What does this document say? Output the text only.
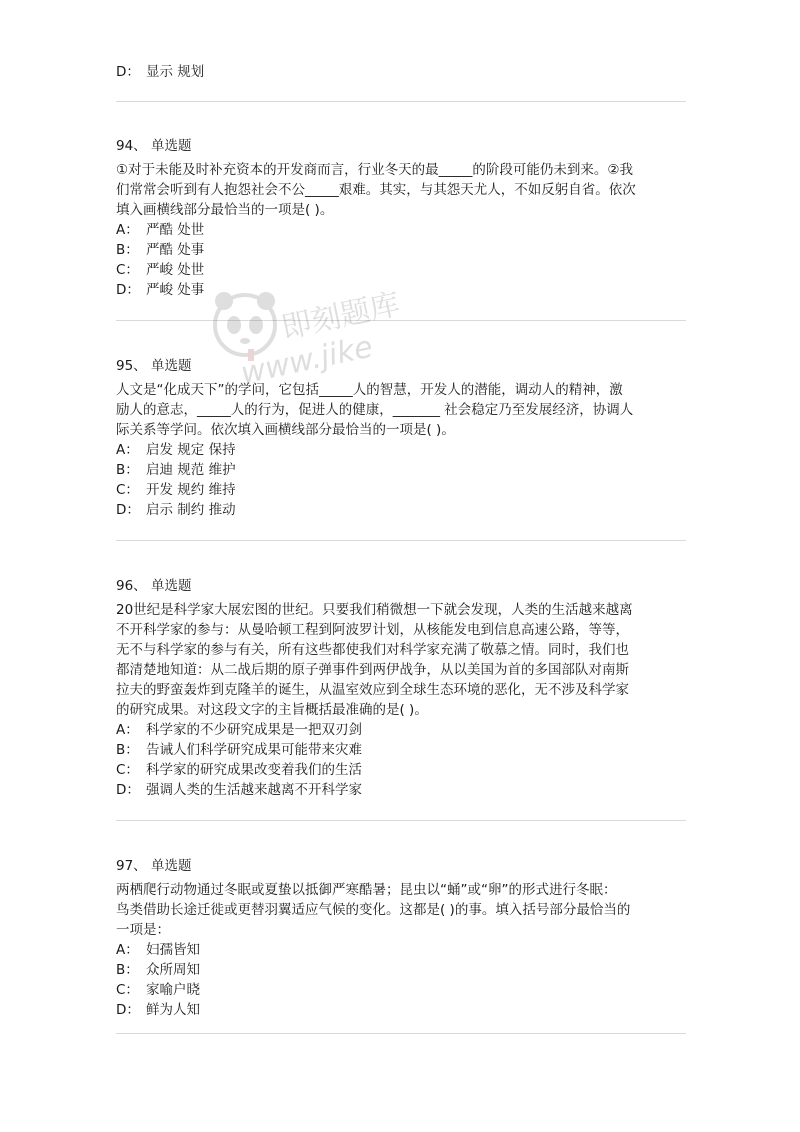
D： 显示 规划
94、 单选题
①对于未能及时补充资本的开发商而言，行业冬天的最_____的阶段可能仍未到来。②我
们常常会听到有人抱怨社会不公_____艰难。其实，与其怨天尤人，不如反躬自省。依次
填入画横线部分最恰当的一项是( )。
A： 严酷 处世
B： 严酷 处事
C： 严峻 处世
D： 严峻 处事
95、 单选题
人文是“化成天下”的学问，它包括_____人的智慧，开发人的潜能，调动人的精神，激
励人的意志，_____人的行为，促进人的健康，_______ 社会稳定乃至发展经济，协调人
际关系等学问。依次填入画横线部分最恰当的一项是( )。
A： 启发 规定 保持
B： 启迪 规范 维护
C： 开发 规约 维持
D： 启示 制约 推动
96、 单选题
20世纪是科学家大展宏图的世纪。只要我们稍微想一下就会发现，人类的生活越来越离
不开科学家的参与：从曼哈顿工程到阿波罗计划，从核能发电到信息高速公路，等等，
无不与科学家的参与有关，所有这些都使我们对科学家充满了敬慕之情。同时，我们也
都清楚地知道：从二战后期的原子弹事件到两伊战争，从以美国为首的多国部队对南斯
拉夫的野蛮轰炸到克隆羊的诞生，从温室效应到全球生态环境的恶化，无不涉及科学家
的研究成果。对这段文字的主旨概括最准确的是( )。
A： 科学家的不少研究成果是一把双刃剑
B： 告诫人们科学研究成果可能带来灾难
C： 科学家的研究成果改变着我们的生活
D： 强调人类的生活越来越离不开科学家
97、 单选题
两栖爬行动物通过冬眠或夏蛰以抵御严寒酷暑；昆虫以“蛹”或“卵”的形式进行冬眠：
鸟类借助长途迁徙或更替羽翼适应气候的变化。这都是( )的事。填入括号部分最恰当的
一项是：
A： 妇孺皆知
B： 众所周知
C： 家喻户晓
D： 鲜为人知
即刻题库
www.jike
